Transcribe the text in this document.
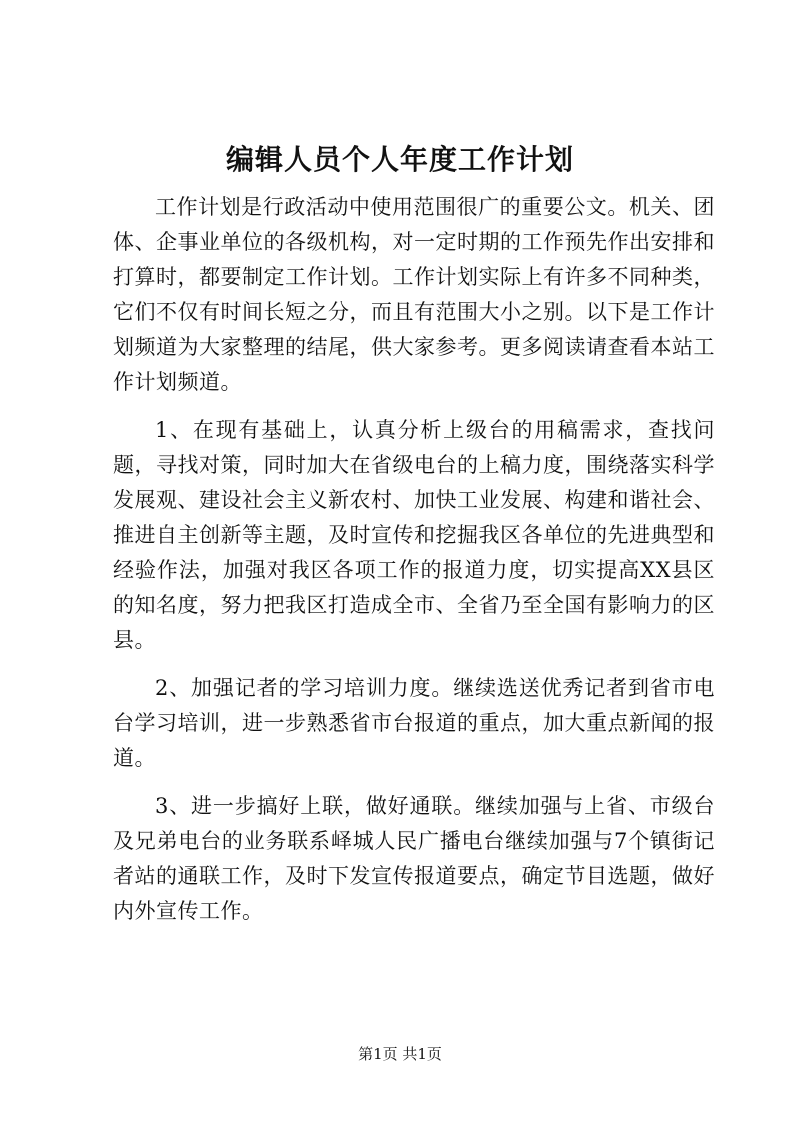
编辑人员个人年度工作计划

工作计划是行政活动中使用范围很广的重要公文。机关、团体、企事业单位的各级机构，对一定时期的工作预先作出安排和打算时，都要制定工作计划。工作计划实际上有许多不同种类，它们不仅有时间长短之分，而且有范围大小之别。以下是工作计划频道为大家整理的结尾，供大家参考。更多阅读请查看本站工作计划频道。

1、在现有基础上，认真分析上级台的用稿需求，查找问题，寻找对策，同时加大在省级电台的上稿力度，围绕落实科学发展观、建设社会主义新农村、加快工业发展、构建和谐社会、推进自主创新等主题，及时宣传和挖掘我区各单位的先进典型和经验作法，加强对我区各项工作的报道力度，切实提高XX县区的知名度，努力把我区打造成全市、全省乃至全国有影响力的区县。

2、加强记者的学习培训力度。继续选送优秀记者到省市电台学习培训，进一步熟悉省市台报道的重点，加大重点新闻的报道。

3、进一步搞好上联，做好通联。继续加强与上省、市级台及兄弟电台的业务联系峄城人民广播电台继续加强与7个镇街记者站的通联工作，及时下发宣传报道要点，确定节目选题，做好内外宣传工作。

第1页 共1页
